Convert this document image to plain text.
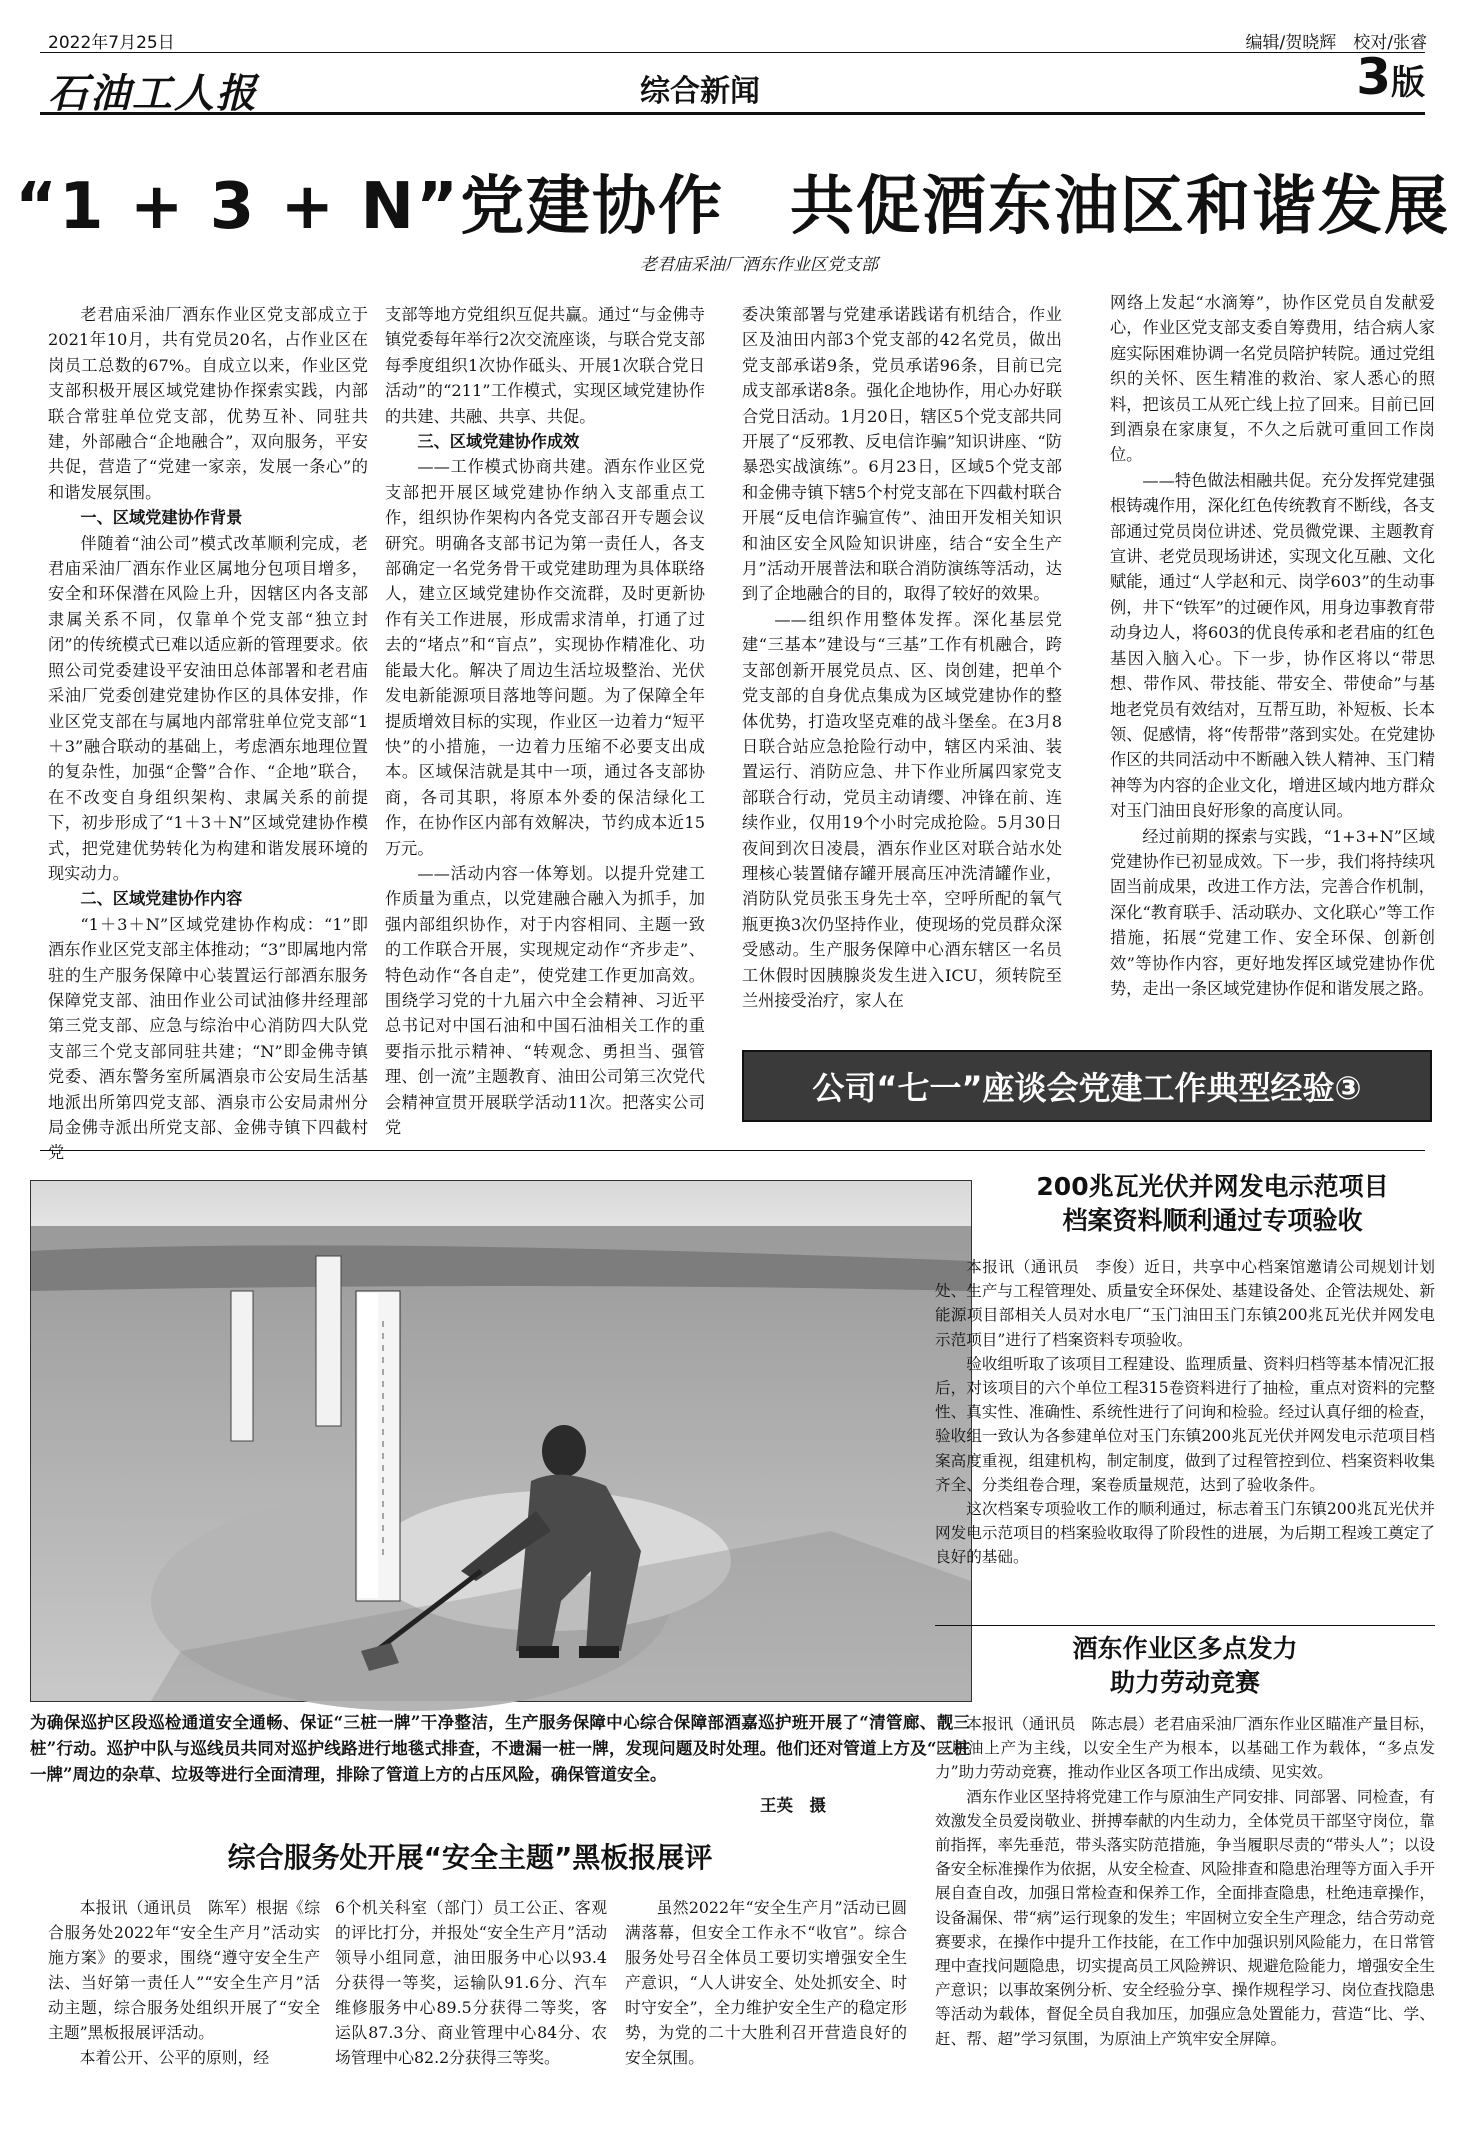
2022年7月25日	编辑/贺晓辉　校对/张睿
石油工人报	综合新闻	3版
“1 + 3 + N”党建协作　共促酒东油区和谐发展
老君庙采油厂酒东作业区党支部

老君庙采油厂酒东作业区党支部成立于2021年10月，共有党员20名，占作业区在岗员工总数的67%。自成立以来，作业区党支部积极开展区域党建协作探索实践，内部联合常驻单位党支部，优势互补、同驻共建，外部融合“企地融合”，双向服务，平安共促，营造了“党建一家亲，发展一条心”的和谐发展氛围。

一、区域党建协作背景

伴随着“油公司”模式改革顺利完成，老君庙采油厂酒东作业区属地分包项目增多，安全和环保潜在风险上升，因辖区内各支部隶属关系不同，仅靠单个党支部“独立封闭”的传统模式已难以适应新的管理要求。依照公司党委建设平安油田总体部署和老君庙采油厂党委创建党建协作区的具体安排，作业区党支部在与属地内部常驻单位党支部“1＋3”融合联动的基础上，考虑酒东地理位置的复杂性，加强“企警”合作、“企地”联合，在不改变自身组织架构、隶属关系的前提下，初步形成了“1＋3＋N”区域党建协作模式，把党建优势转化为构建和谐发展环境的现实动力。

二、区域党建协作内容

“1＋3＋N”区域党建协作构成：“1”即酒东作业区党支部主体推动；“3”即属地内常驻的生产服务保障中心装置运行部酒东服务保障党支部、油田作业公司试油修井经理部第三党支部、应急与综治中心消防四大队党支部三个党支部同驻共建；“N”即金佛寺镇党委、酒东警务室所属酒泉市公安局生活基地派出所第四党支部、酒泉市公安局肃州分局金佛寺派出所党支部、金佛寺镇下四截村党

支部等地方党组织互促共赢。通过“与金佛寺镇党委每年举行2次交流座谈，与联合党支部每季度组织1次协作砥头、开展1次联合党日活动”的“211”工作模式，实现区域党建协作的共建、共融、共享、共促。

三、区域党建协作成效

——工作模式协商共建。酒东作业区党支部把开展区域党建协作纳入支部重点工作，组织协作架构内各党支部召开专题会议研究。明确各支部书记为第一责任人，各支部确定一名党务骨干或党建助理为具体联络人，建立区域党建协作交流群，及时更新协作有关工作进展，形成需求清单，打通了过去的“堵点”和“盲点”，实现协作精准化、功能最大化。解决了周边生活垃圾整治、光伏发电新能源项目落地等问题。为了保障全年提质增效目标的实现，作业区一边着力“短平快”的小措施，一边着力压缩不必要支出成本。区域保洁就是其中一项，通过各支部协商，各司其职，将原本外委的保洁绿化工作，在协作区内部有效解决，节约成本近15万元。

——活动内容一体筹划。以提升党建工作质量为重点，以党建融合融入为抓手，加强内部组织协作，对于内容相同、主题一致的工作联合开展，实现规定动作“齐步走”、特色动作“各自走”，使党建工作更加高效。围绕学习党的十九届六中全会精神、习近平总书记对中国石油和中国石油相关工作的重要指示批示精神、“转观念、勇担当、强管理、创一流”主题教育、油田公司第三次党代会精神宣贯开展联学活动11次。把落实公司党

委决策部署与党建承诺践诺有机结合，作业区及油田内部3个党支部的42名党员，做出党支部承诺9条，党员承诺96条，目前已完成支部承诺8条。强化企地协作，用心办好联合党日活动。1月20日，辖区5个党支部共同开展了“反邪教、反电信诈骗”知识讲座、“防暴恐实战演练”。6月23日，区域5个党支部和金佛寺镇下辖5个村党支部在下四截村联合开展“反电信诈骗宣传”、油田开发相关知识和油区安全风险知识讲座，结合“安全生产月”活动开展普法和联合消防演练等活动，达到了企地融合的目的，取得了较好的效果。

——组织作用整体发挥。深化基层党建“三基本”建设与“三基”工作有机融合，跨支部创新开展党员点、区、岗创建，把单个党支部的自身优点集成为区域党建协作的整体优势，打造攻坚克难的战斗堡垒。在3月8日联合站应急抢险行动中，辖区内采油、装置运行、消防应急、井下作业所属四家党支部联合行动，党员主动请缨、冲锋在前、连续作业，仅用19个小时完成抢险。5月30日夜间到次日凌晨，酒东作业区对联合站水处理核心装置储存罐开展高压冲洗清罐作业，消防队党员张玉身先士卒，空呼所配的氧气瓶更换3次仍坚持作业，使现场的党员群众深受感动。生产服务保障中心酒东辖区一名员工休假时因胰腺炎发生进入ICU，须转院至兰州接受治疗，家人在

网络上发起“水滴筹”，协作区党员自发献爱心，作业区党支部支委自筹费用，结合病人家庭实际困难协调一名党员陪护转院。通过党组织的关怀、医生精准的救治、家人悉心的照料，把该员工从死亡线上拉了回来。目前已回到酒泉在家康复，不久之后就可重回工作岗位。

——特色做法相融共促。充分发挥党建强根铸魂作用，深化红色传统教育不断线，各支部通过党员岗位讲述、党员微党课、主题教育宣讲、老党员现场讲述，实现文化互融、文化赋能，通过“人学赵和元、岗学603”的生动事例，井下“铁军”的过硬作风，用身边事教育带动身边人，将603的优良传承和老君庙的红色基因入脑入心。下一步，协作区将以“带思想、带作风、带技能、带安全、带使命”与基地老党员有效结对，互帮互助，补短板、长本领、促感情，将“传帮带”落到实处。在党建协作区的共同活动中不断融入铁人精神、玉门精神等为内容的企业文化，增进区域内地方群众对玉门油田良好形象的高度认同。

经过前期的探索与实践，“1+3+N”区域党建协作已初显成效。下一步，我们将持续巩固当前成果，改进工作方法，完善合作机制，深化“教育联手、活动联办、文化联心”等工作措施，拓展“党建工作、安全环保、创新创效”等协作内容，更好地发挥区域党建协作优势，走出一条区域党建协作促和谐发展之路。

公司“七一”座谈会党建工作典型经验③
为确保巡护区段巡检通道安全通畅、保证“三桩一牌”干净整洁，生产服务保障中心综合保障部酒嘉巡护班开展了“清管廊、靓三桩”行动。巡护中队与巡线员共同对巡护线路进行地毯式排查，不遗漏一桩一牌，发现问题及时处理。他们还对管道上方及“三桩一牌”周边的杂草、垃圾等进行全面清理，排除了管道上方的占压风险，确保管道安全。
王英　摄
200兆瓦光伏并网发电示范项目
档案资料顺利通过专项验收

本报讯（通讯员　李俊）近日，共享中心档案馆邀请公司规划计划处、生产与工程管理处、质量安全环保处、基建设备处、企管法规处、新能源项目部相关人员对水电厂“玉门油田玉门东镇200兆瓦光伏并网发电示范项目”进行了档案资料专项验收。

验收组听取了该项目工程建设、监理质量、资料归档等基本情况汇报后，对该项目的六个单位工程315卷资料进行了抽检，重点对资料的完整性、真实性、准确性、系统性进行了问询和检验。经过认真仔细的检查，验收组一致认为各参建单位对玉门东镇200兆瓦光伏并网发电示范项目档案高度重视，组建机构，制定制度，做到了过程管控到位、档案资料收集齐全、分类组卷合理，案卷质量规范，达到了验收条件。

这次档案专项验收工作的顺利通过，标志着玉门东镇200兆瓦光伏并网发电示范项目的档案验收取得了阶段性的进展，为后期工程竣工奠定了良好的基础。

酒东作业区多点发力
助力劳动竞赛

本报讯（通讯员　陈志晨）老君庙采油厂酒东作业区瞄准产量目标，以原油上产为主线，以安全生产为根本，以基础工作为载体，“多点发力”助力劳动竞赛，推动作业区各项工作出成绩、见实效。

酒东作业区坚持将党建工作与原油生产同安排、同部署、同检查，有效激发全员爱岗敬业、拼搏奉献的内生动力，全体党员干部坚守岗位，靠前指挥，率先垂范，带头落实防范措施，争当履职尽责的“带头人”；以设备安全标准操作为依据，从安全检查、风险排查和隐患治理等方面入手开展自查自改，加强日常检查和保养工作，全面排查隐患，杜绝违章操作，设备漏保、带“病”运行现象的发生；牢固树立安全生产理念，结合劳动竞赛要求，在操作中提升工作技能，在工作中加强识别风险能力，在日常管理中查找问题隐患，切实提高员工风险辨识、规避危险能力，增强安全生产意识；以事故案例分析、安全经验分享、操作规程学习、岗位查找隐患等活动为载体，督促全员自我加压，加强应急处置能力，营造“比、学、赶、帮、超”学习氛围，为原油上产筑牢安全屏障。

综合服务处开展“安全主题”黑板报展评

本报讯（通讯员　陈军）根据《综合服务处2022年“安全生产月”活动实施方案》的要求，围绕“遵守安全生产法、当好第一责任人”“安全生产月”活动主题，综合服务处组织开展了“安全主题”黑板报展评活动。

本着公开、公平的原则，经

6个机关科室（部门）员工公正、客观的评比打分，并报处“安全生产月”活动领导小组同意，油田服务中心以93.4分获得一等奖，运输队91.6分、汽车维修服务中心89.5分获得二等奖，客运队87.3分、商业管理中心84分、农场管理中心82.2分获得三等奖。

虽然2022年“安全生产月”活动已圆满落幕，但安全工作永不“收官”。综合服务处号召全体员工要切实增强安全生产意识，“人人讲安全、处处抓安全、时时守安全”，全力维护安全生产的稳定形势，为党的二十大胜利召开营造良好的安全氛围。
